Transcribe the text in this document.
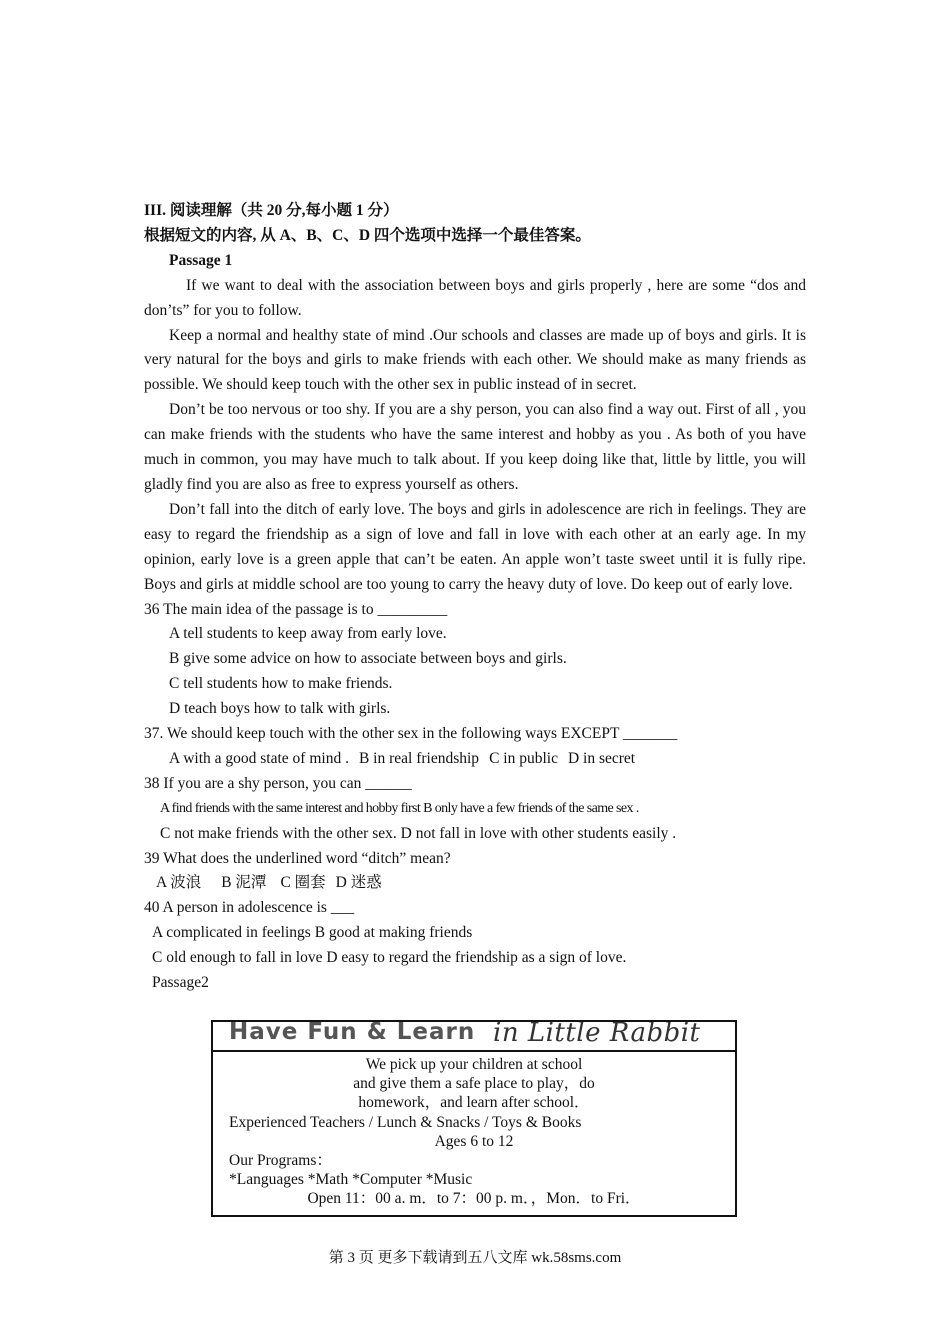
III. 阅读理解（共 20 分,每小题 1 分）
根据短文的内容, 从 A、B、C、D 四个选项中选择一个最佳答案。
Passage 1

If we want to deal with the association between boys and girls properly , here are some “dos and don’ts” for you to follow.

Keep a normal and healthy state of mind .Our schools and classes are made up of boys and girls. It is very natural for the boys and girls to make friends with each other. We should make as many friends as possible. We should keep touch with the other sex in public instead of in secret.

Don’t be too nervous or too shy. If you are a shy person, you can also find a way out. First of all , you can make friends with the students who have the same interest and hobby as you . As both of you have much in common, you may have much to talk about. If you keep doing like that, little by little, you will gladly find you are also as free to express yourself as others.

Don’t fall into the ditch of early love. The boys and girls in adolescence are rich in feelings. They are easy to regard the friendship as a sign of love and fall in love with each other at an early age. In my opinion, early love is a green apple that can’t be eaten. An apple won’t taste sweet until it is fully ripe. Boys and girls at middle school are too young to carry the heavy duty of love. Do keep out of early love.

36 The main idea of the passage is to _________
A tell students to keep away from early love.
B give some advice on how to associate between boys and girls.
C tell students how to make friends.
D teach boys how to talk with girls.
37. We should keep touch with the other sex in the following ways EXCEPT _______
A with a good state of mind . B in real friendship C in public D in secret
38 If you are a shy person, you can ______
A find friends with the same interest and hobby first B only have a few friends of the same sex .
C not make friends with the other sex. D not fall in love with other students easily .
39 What does the underlined word “ditch” mean?
A 波浪 B 泥潭 C 圈套 D 迷惑
40 A person in adolescence is ___
A complicated in feelings B good at making friends
C old enough to fall in love D easy to regard the friendship as a sign of love.
Passage2
Have Fun & Learn in Little Rabbit
We pick up your children at school
and give them a safe place to play，do
homework，and learn after school．
Experienced Teachers / Lunch & Snacks / Toys & Books
Ages 6 to 12
Our Programs：
*Languages *Math *Computer *Music
Open 11：00 a. m．to 7：00 p. m．，Mon．to Fri．
第 3 页 更多下载请到五八文库 wk.58sms.com
